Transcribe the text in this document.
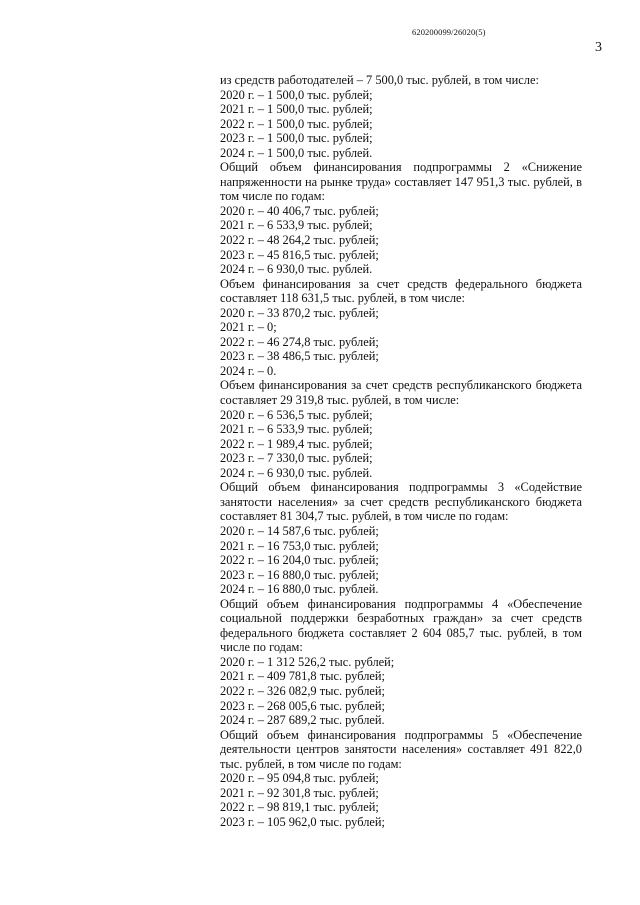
620200099/26020(5)
3
из средств работодателей – 7 500,0 тыс. рублей, в том числе:
2020 г. – 1 500,0 тыс. рублей;
2021 г. – 1 500,0 тыс. рублей;
2022 г. – 1 500,0 тыс. рублей;
2023 г. – 1 500,0 тыс. рублей;
2024 г. – 1 500,0 тыс. рублей.
Общий объем финансирования подпрограммы 2 «Снижение напряженности на рынке труда» составляет 147 951,3 тыс. рублей, в том числе по годам:
2020 г. – 40 406,7 тыс. рублей;
2021 г. – 6 533,9 тыс. рублей;
2022 г. – 48 264,2 тыс. рублей;
2023 г. – 45 816,5 тыс. рублей;
2024 г. – 6 930,0 тыс. рублей.
Объем финансирования за счет средств федерального бюджета составляет 118 631,5 тыс. рублей, в том числе:
2020 г. – 33 870,2 тыс. рублей;
2021 г. – 0;
2022 г. – 46 274,8 тыс. рублей;
2023 г. – 38 486,5 тыс. рублей;
2024 г. – 0.
Объем финансирования за счет средств республиканского бюджета составляет 29 319,8 тыс. рублей, в том числе:
2020 г. – 6 536,5 тыс. рублей;
2021 г. – 6 533,9 тыс. рублей;
2022 г. – 1 989,4 тыс. рублей;
2023 г. – 7 330,0 тыс. рублей;
2024 г. – 6 930,0 тыс. рублей.
Общий объем финансирования подпрограммы 3 «Содействие занятости населения» за счет средств республиканского бюджета составляет 81 304,7 тыс. рублей, в том числе по годам:
2020 г. – 14 587,6 тыс. рублей;
2021 г. – 16 753,0 тыс. рублей;
2022 г. – 16 204,0 тыс. рублей;
2023 г. – 16 880,0 тыс. рублей;
2024 г. – 16 880,0 тыс. рублей.
Общий объем финансирования подпрограммы 4 «Обеспечение социальной поддержки безработных граждан» за счет средств федерального бюджета составляет 2 604 085,7 тыс. рублей, в том числе по годам:
2020 г. – 1 312 526,2 тыс. рублей;
2021 г. – 409 781,8 тыс. рублей;
2022 г. – 326 082,9 тыс. рублей;
2023 г. – 268 005,6 тыс. рублей;
2024 г. – 287 689,2 тыс. рублей.
Общий объем финансирования подпрограммы 5 «Обеспечение деятельности центров занятости населения» составляет 491 822,0 тыс. рублей, в том числе по годам:
2020 г. – 95 094,8 тыс. рублей;
2021 г. – 92 301,8 тыс. рублей;
2022 г. – 98 819,1 тыс. рублей;
2023 г. – 105 962,0 тыс. рублей;
